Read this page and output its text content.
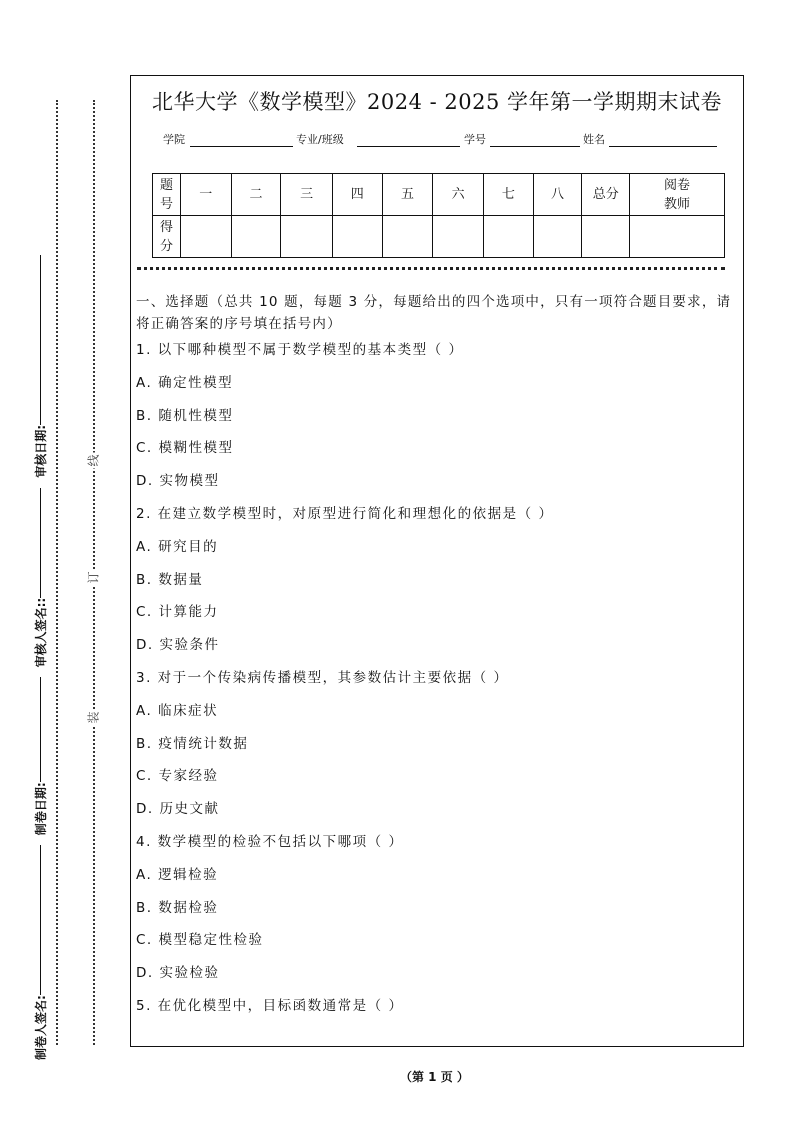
制卷人签名:
制卷日期:
审核人签名::
审核日期:
装
订
线
北华大学《数学模型》2024 - 2025 学年第一学期期末试卷
学院	专业/班级	学号	姓名
题号	一	二	三	四	五	六	七	八	总分	阅卷教师
得分										
一、选择题（总共 10 题，每题 3 分，每题给出的四个选项中，只有一项符合题目要求，请将正确答案的序号填在括号内）
1. 以下哪种模型不属于数学模型的基本类型（ ）
A. 确定性模型
B. 随机性模型
C. 模糊性模型
D. 实物模型
2. 在建立数学模型时，对原型进行简化和理想化的依据是（ ）
A. 研究目的
B. 数据量
C. 计算能力
D. 实验条件
3. 对于一个传染病传播模型，其参数估计主要依据（ ）
A. 临床症状
B. 疫情统计数据
C. 专家经验
D. 历史文献
4. 数学模型的检验不包括以下哪项（ ）
A. 逻辑检验
B. 数据检验
C. 模型稳定性检验
D. 实验检验
5. 在优化模型中，目标函数通常是（ ）
（第 1 页 ）
